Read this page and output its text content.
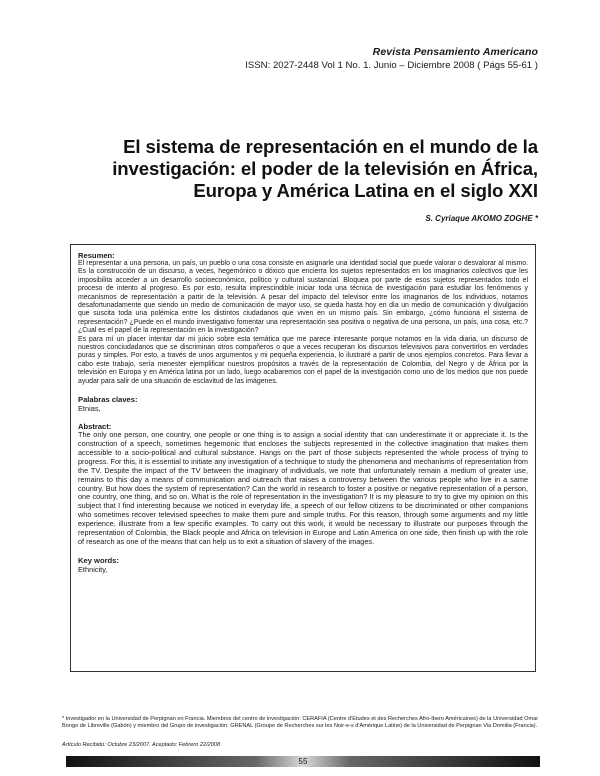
Revista Pensamiento Americano
ISSN: 2027-2448 Vol 1 No. 1. Junio – Diciembre 2008 ( Págs 55-61 )
El sistema de representación en el mundo de la investigación: el poder de la televisión en África, Europa y América Latina en el siglo XXI
S. Cyriaque AKOMO ZOGHE *

Resumen:

El representar a una persona, un país, un pueblo o una cosa consiste en asignarle una identidad social que puede valorar o desvalorar al mismo. Es la construcción de un discurso, a veces, hegemónico o dóxico que encierra los sujetos representados en los imaginarios colectivos que les imposibilita acceder a un desarrollo socioeconómico, político y cultural sustancial. Bloquea por parte de esos sujetos representados todo el proceso de intento al progreso. Es por esto, resulta imprescindible iniciar toda una técnica de investigación para estudiar los fenómenos y mecanismos de representación a partir de la televisión. A pesar del impacto del televisor entre los imaginarios de los individuos, notamos desafortunadamente que siendo un medio de comunicación de mayor uso, se queda hasta hoy en día un medio de comunicación y divulgación que suscita toda una polémica entre los distintos ciudadanos que viven en un mismo país. Sin embargo, ¿cómo funciona el sistema de representación? ¿Puede en el mundo investigativo fomentar una representación sea positiva o negativa de una persona, un país, una cosa, etc.? ¿Cual es el papel de la representación en la investigación?

Es para mí un placer intentar dar mi juicio sobre esta temática que me parece interesante porque notamos en la vida diaria, un discurso de nuestros conciudadanos que se discriminan otros compañeros o que a veces recuperan los discursos televisivos para convertirlos en verdades puras y simples. Por esto, a través de unos argumentos y mi pequeña experiencia, lo ilustraré a partir de unos ejemplos concretos. Para llevar a cabo este trabajo, sería menester ejemplificar nuestros propósitos a través de la representación de Colombia, del Negro y de África por la televisión en Europa y en América latina por un lado, luego acabaremos con el papel de la investigación como uno de los medios que nos puede ayudar para salir de una situación de esclavitud de las imágenes.

Palabras claves:

Etnias,

Abstract:

The only one person, one country, one people or one thing is to assign a social identity that can underestimate it or appreciate it. Is the construction of a speech, sometimes hegemonic that encloses the subjects represented in the collective imagination that makes them accessible to a socio-political and cultural substance. Hangs on the part of those subjects represented the whole process of trying to progress. For this, it is essential to initiate any investigation of a technique to study the phenomena and mechanisms of representation from the TV. Despite the impact of the TV between the imaginary of individuals, we note that unfortunately remain a medium of greater use, remains to this day a means of communication and outreach that raises a controversy between the various people who live in a same country. But how does the system of representation? Can the world in research to foster a positive or negative representation of a person, one country, one thing, and so on. What is the role of representation in the investigation? It is my pleasure to try to give my opinion on this subject that I find interesting because we noticed in everyday life, a speech of our fellow citizens to be discriminated or other companions who sometimes recover televised speeches to make them pure and simple truths. For this reason, through some arguments and my little experience, illustrate from a few specific examples. To carry out this work, it would be necessary to illustrate our purposes through the representation of Colombia, the Black people and Africa on television in Europe and Latin America on one side, then finish up with the role of research as one of the means that can help us to exit a situation of slavery of the images.

Key words:

Ethnicity,

* Investigador en la Universidad de Perpignan en Francia. Miembros del centro de investigación: CERAFIA (Centre d'Etudes et des Recherches Afro-Ibero Américaines) de la Universidad Omar Bongo de Libreville (Gabón) y miembro del Grupo de investigación: GRENAL (Groupe de Recherches sur les Noir-e-s d'Amérique Latine) de la Universidad de Perpignan Via Domitia (Francia).
Artículo Recibido: Octubre 23/2007. Aceptado: Febrero 22/2008
55
